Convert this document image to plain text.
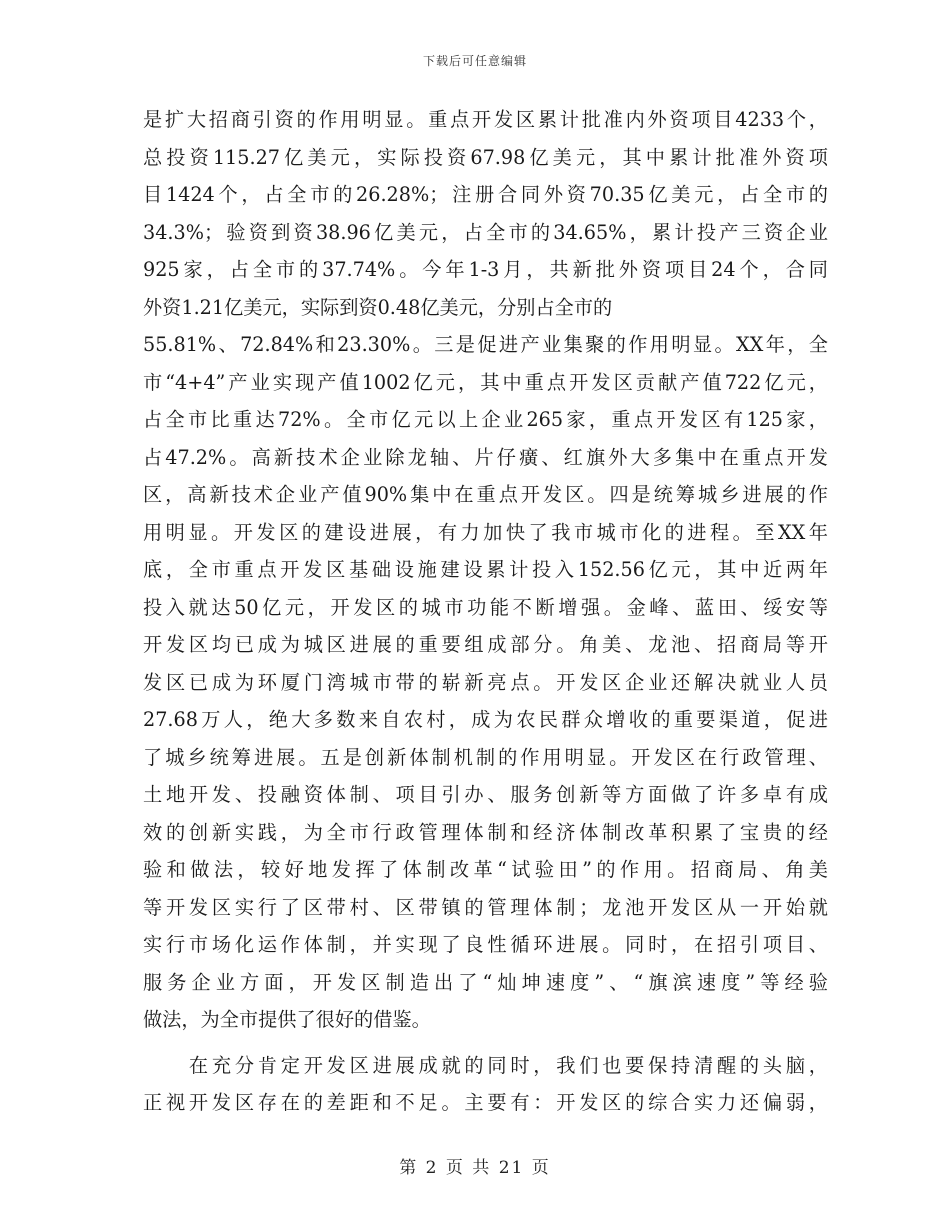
下载后可任意编辑
是扩大招商引资的作用明显。重点开发区累计批准内外资项目4233个，
总投资115.27亿美元，实际投资67.98亿美元，其中累计批准外资项
目1424个，占全市的26.28%；注册合同外资70.35亿美元，占全市的
34.3%；验资到资38.96亿美元，占全市的34.65%，累计投产三资企业
925家，占全市的37.74%。今年1-3月，共新批外资项目24个，合同
外资1.21亿美元，实际到资0.48亿美元，分别占全市的
55.81%、72.84%和23.30%。三是促进产业集聚的作用明显。XX年，全
市“4+4”产业实现产值1002亿元，其中重点开发区贡献产值722亿元，
占全市比重达72%。全市亿元以上企业265家，重点开发区有125家，
占47.2%。高新技术企业除龙轴、片仔癀、红旗外大多集中在重点开发
区，高新技术企业产值90%集中在重点开发区。四是统筹城乡进展的作
用明显。开发区的建设进展，有力加快了我市城市化的进程。至XX年
底，全市重点开发区基础设施建设累计投入152.56亿元，其中近两年
投入就达50亿元，开发区的城市功能不断增强。金峰、蓝田、绥安等
开发区均已成为城区进展的重要组成部分。角美、龙池、招商局等开
发区已成为环厦门湾城市带的崭新亮点。开发区企业还解决就业人员
27.68万人，绝大多数来自农村，成为农民群众增收的重要渠道，促进
了城乡统筹进展。五是创新体制机制的作用明显。开发区在行政管理、
土地开发、投融资体制、项目引办、服务创新等方面做了许多卓有成
效的创新实践，为全市行政管理体制和经济体制改革积累了宝贵的经
验和做法，较好地发挥了体制改革“试验田”的作用。招商局、角美
等开发区实行了区带村、区带镇的管理体制；龙池开发区从一开始就
实行市场化运作体制，并实现了良性循环进展。同时，在招引项目、
服务企业方面，开发区制造出了“灿坤速度”、“旗滨速度”等经验
做法，为全市提供了很好的借鉴。
　　在充分肯定开发区进展成就的同时，我们也要保持清醒的头脑，
正视开发区存在的差距和不足。主要有：开发区的综合实力还偏弱，
第 2 页 共 21 页
